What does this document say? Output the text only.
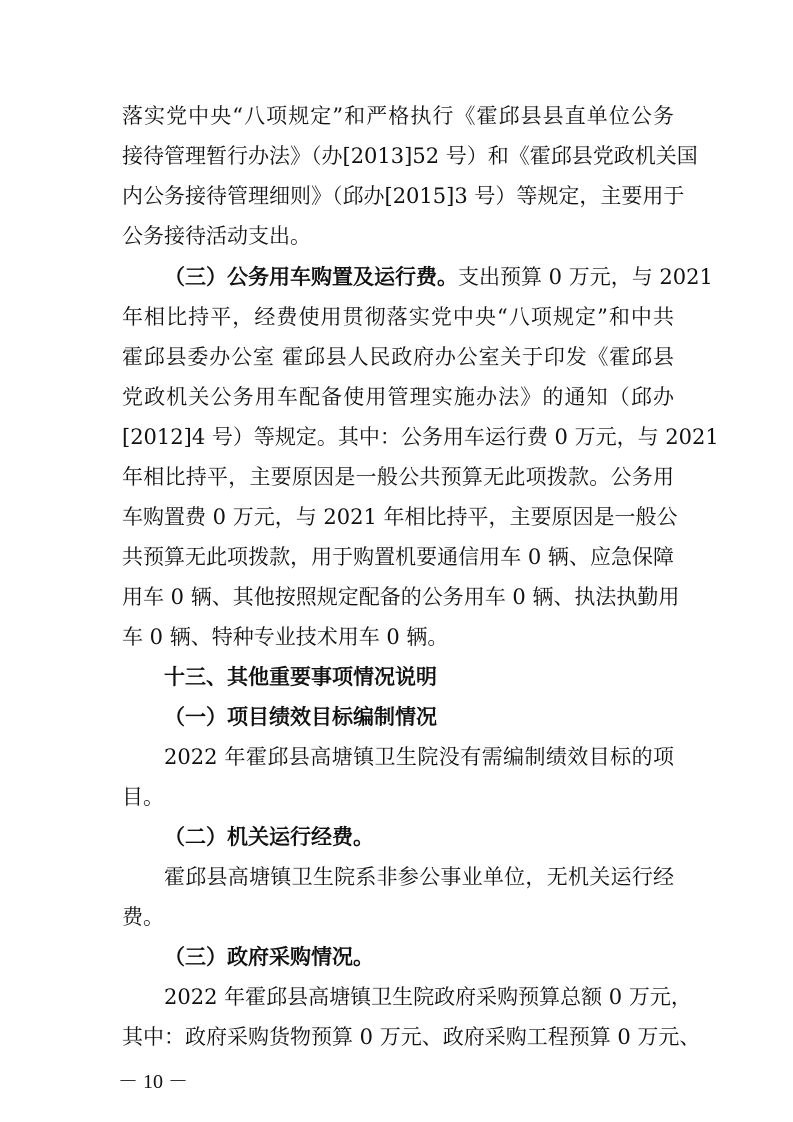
落实党中央“八项规定”和严格执行《霍邱县县直单位公务
接待管理暂行办法》（办[2013]52 号）和《霍邱县党政机关国
内公务接待管理细则》（邱办[2015]3 号）等规定，主要用于
公务接待活动支出。
（三）公务用车购置及运行费。支出预算 0 万元，与 2021
年相比持平，经费使用贯彻落实党中央“八项规定”和中共
霍邱县委办公室 霍邱县人民政府办公室关于印发《霍邱县
党政机关公务用车配备使用管理实施办法》的通知（邱办
[2012]4 号）等规定。其中：公务用车运行费 0 万元，与 2021
年相比持平，主要原因是一般公共预算无此项拨款。公务用
车购置费 0 万元，与 2021 年相比持平，主要原因是一般公
共预算无此项拨款，用于购置机要通信用车 0 辆、应急保障
用车 0 辆、其他按照规定配备的公务用车 0 辆、执法执勤用
车 0 辆、特种专业技术用车 0 辆。
十三、其他重要事项情况说明
（一）项目绩效目标编制情况
2022 年霍邱县高塘镇卫生院没有需编制绩效目标的项
目。
（二）机关运行经费。
霍邱县高塘镇卫生院系非参公事业单位，无机关运行经
费。
（三）政府采购情况。
2022 年霍邱县高塘镇卫生院政府采购预算总额 0 万元，
其中：政府采购货物预算 0 万元、政府采购工程预算 0 万元、
－ 10 －
